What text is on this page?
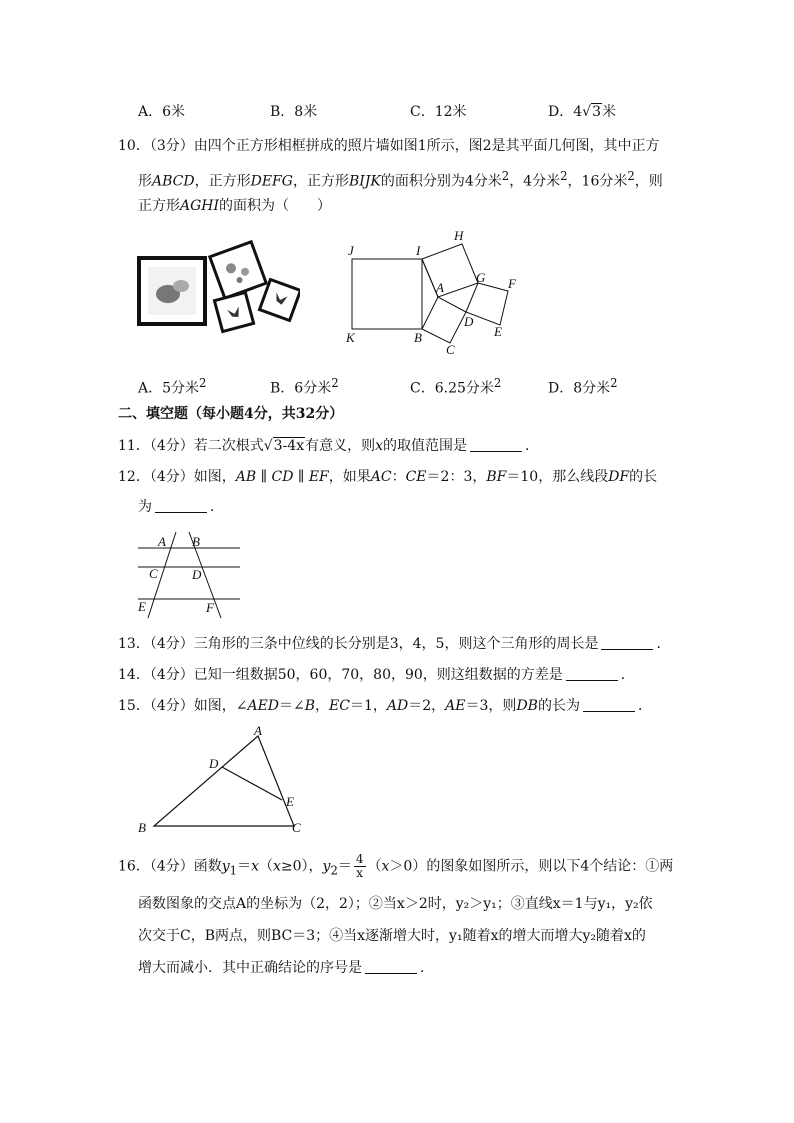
A．6米	B．8米	C．12米	D．4√3米
10．（3分）由四个正方形相框拼成的照片墙如图1所示，图2是其平面几何图，其中正方
形ABCD，正方形DEFG，正方形BIJK的面积分别为4分米$^2$，4分米$^2$，16分米$^2$，则
正方形AGHI的面积为（　　）
J	I
H
G F
A
D
E
K	B
C
A．5分米$^2$	B．6分米$^2$	C．6.25分米$^2$	D．8分米$^2$
二、填空题（每小题4分，共32分）
11．（4分）若二次根式√3-4x有意义，则x的取值范围是	．
12．（4分）如图，AB ∥ CD ∥ EF，如果AC：CE＝2：3，BF＝10，那么线段DF的长
为	．
A B
C	D
E	F
13．（4分）三角形的三条中位线的长分别是3，4，5，则这个三角形的周长是	．
14．（4分）已知一组数据50，60，70，80，90，则这组数据的方差是	．
15．（4分）如图，∠AED＝∠B，EC＝1，AD＝2，AE＝3，则DB的长为	．
A
D
E
B	C
16．（4分）函数$y_1=x(x\ge 0)$，$y_2= \frac{4}{x} (x>0)$的图象如图所示，则以下4个结论：①两
函数图象的交点A的坐标为（2，2）；②当x＞2时，y₂＞y₁；③直线x＝1与y₁，y₂依
次交于C，B两点，则BC＝3；④当x逐渐增大时，y₁随着x的增大而增大y₂随着x的
增大而减小．其中正确结论的序号是	．
